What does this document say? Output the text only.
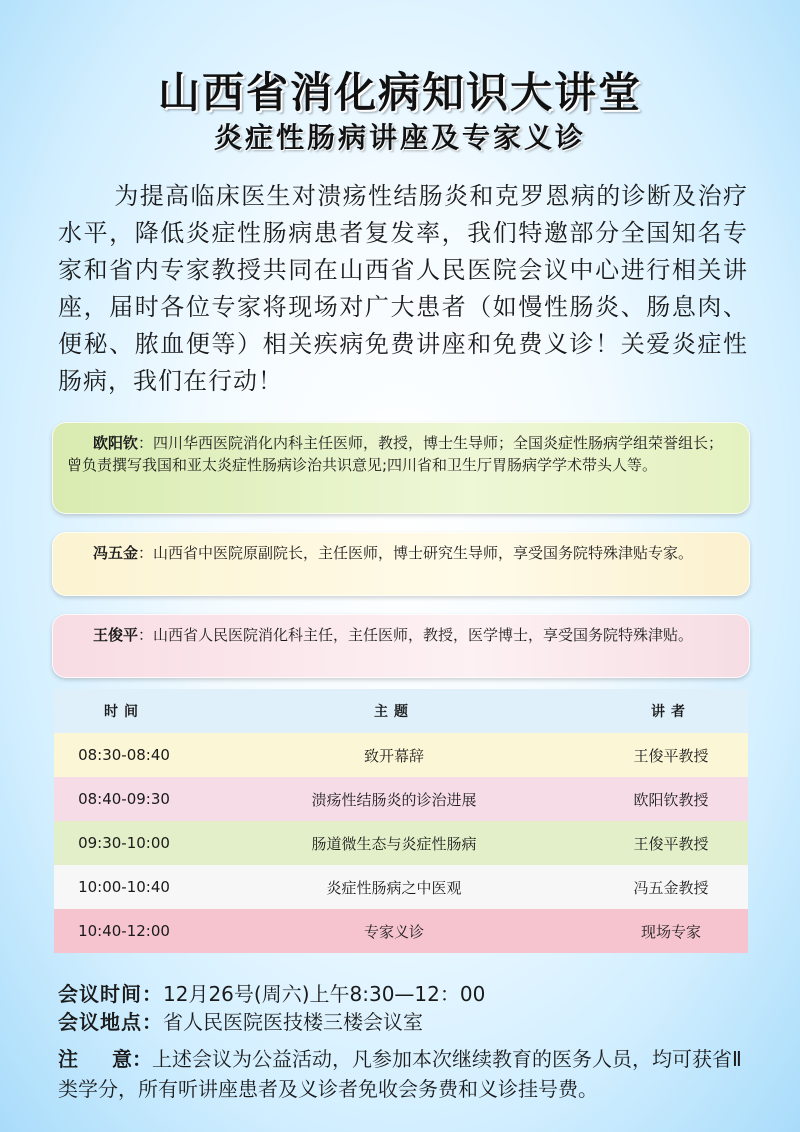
山西省消化病知识大讲堂
炎症性肠病讲座及专家义诊

为提高临床医生对溃疡性结肠炎和克罗恩病的诊断及治疗水平，降低炎症性肠病患者复发率，我们特邀部分全国知名专家和省内专家教授共同在山西省人民医院会议中心进行相关讲座，届时各位专家将现场对广大患者（如慢性肠炎、肠息肉、便秘、脓血便等）相关疾病免费讲座和免费义诊！关爱炎症性肠病，我们在行动！

欧阳钦：四川华西医院消化内科主任医师，教授，博士生导师；全国炎症性肠病学组荣誉组长；曾负责撰写我国和亚太炎症性肠病诊治共识意见;四川省和卫生厅胃肠病学学术带头人等。
冯五金：山西省中医院原副院长，主任医师，博士研究生导师，享受国务院特殊津贴专家。
王俊平：山西省人民医院消化科主任，主任医师，教授，医学博士，享受国务院特殊津贴。
时间	主题	讲者
08:30-08:40	致开幕辞	王俊平教授
08:40-09:30	溃疡性结肠炎的诊治进展	欧阳钦教授
09:30-10:00	肠道微生态与炎症性肠病	王俊平教授
10:00-10:40	炎症性肠病之中医观	冯五金教授
10:40-12:00	专家义诊	现场专家
会议时间：12月26号(周六)上午8:30—12：00
会议地点：省人民医院医技楼三楼会议室
注 意：上述会议为公益活动，凡参加本次继续教育的医务人员，均可获省Ⅱ类学分，所有听讲座患者及义诊者免收会务费和义诊挂号费。
